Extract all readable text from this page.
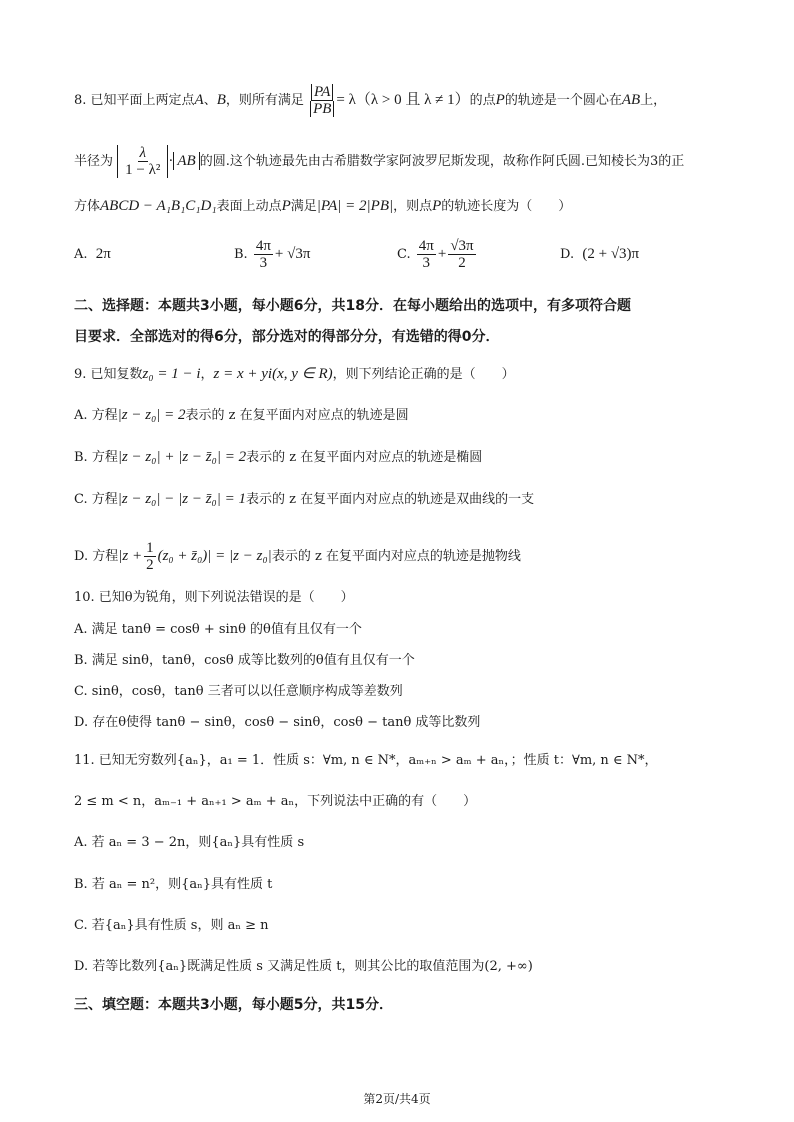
8. 已知平面上两定点A、B，则所有满足 $\frac{PA}{PB} = \lambda(\lambda > 0$ 且 λ ≠ 1）的点P的轨迹是一个圆心在AB上，
半径为 $\frac{\lambda}{\text{1 − λ²}}$ · AB 的圆.这个轨迹最先由古希腊数学家阿波罗尼斯发现，故称作阿氏圆.已知棱长为3的正
方体ABCD − A₁B₁C₁D₁表面上动点P满足|PA| = 2|PB|，则点P的轨迹长度为（　　）
A. 2π	B. $\frac{4\pi}{3} + √3\pi$	C. $\frac{4\pi}{3} + \frac{√3\pi}{2}$	D. (2 + √3)π
二、选择题：本题共3小题，每小题6分，共18分．在每小题给出的选项中，有多项符合题
目要求．全部选对的得6分，部分选对的得部分分，有选错的得0分．
9. 已知复数z₀ = 1 − i，z = x + yi(x, y ∈ R)，则下列结论正确的是（　　）
A. 方程|z − z₀| = 2表示的 z 在复平面内对应点的轨迹是圆
B. 方程|z − z₀| + |z − z̄₀| = 2表示的 z 在复平面内对应点的轨迹是椭圆
C. 方程|z − z₀| − |z − z̄₀| = 1表示的 z 在复平面内对应点的轨迹是双曲线的一支
D. 方程$|z + \frac{1}{2} (z_0$ + z̄₀)| = |z − z₀|表示的 z 在复平面内对应点的轨迹是抛物线
10. 已知θ为锐角，则下列说法错误的是（　　）
A. 满足 tanθ = cosθ + sinθ 的θ值有且仅有一个
B. 满足 sinθ，tanθ，cosθ 成等比数列的θ值有且仅有一个
C. sinθ，cosθ，tanθ 三者可以以任意顺序构成等差数列
D. 存在θ使得 tanθ − sinθ，cosθ − sinθ，cosθ − tanθ 成等比数列
11. 已知无穷数列{aₙ}，a₁ = 1．性质 s：∀m, n ∈ N*，aₘ₊ₙ > aₘ + aₙ，；性质 t：∀m, n ∈ N*，
2 ≤ m < n，aₘ₋₁ + aₙ₊₁ > aₘ + aₙ，下列说法中正确的有（　　）
A. 若 aₙ = 3 − 2n，则{aₙ}具有性质 s
B. 若 aₙ = n²，则{aₙ}具有性质 t
C. 若{aₙ}具有性质 s，则 aₙ ≥ n
D. 若等比数列{aₙ}既满足性质 s 又满足性质 t，则其公比的取值范围为(2, +∞)
三、填空题：本题共3小题，每小题5分，共15分．
第2页/共4页
